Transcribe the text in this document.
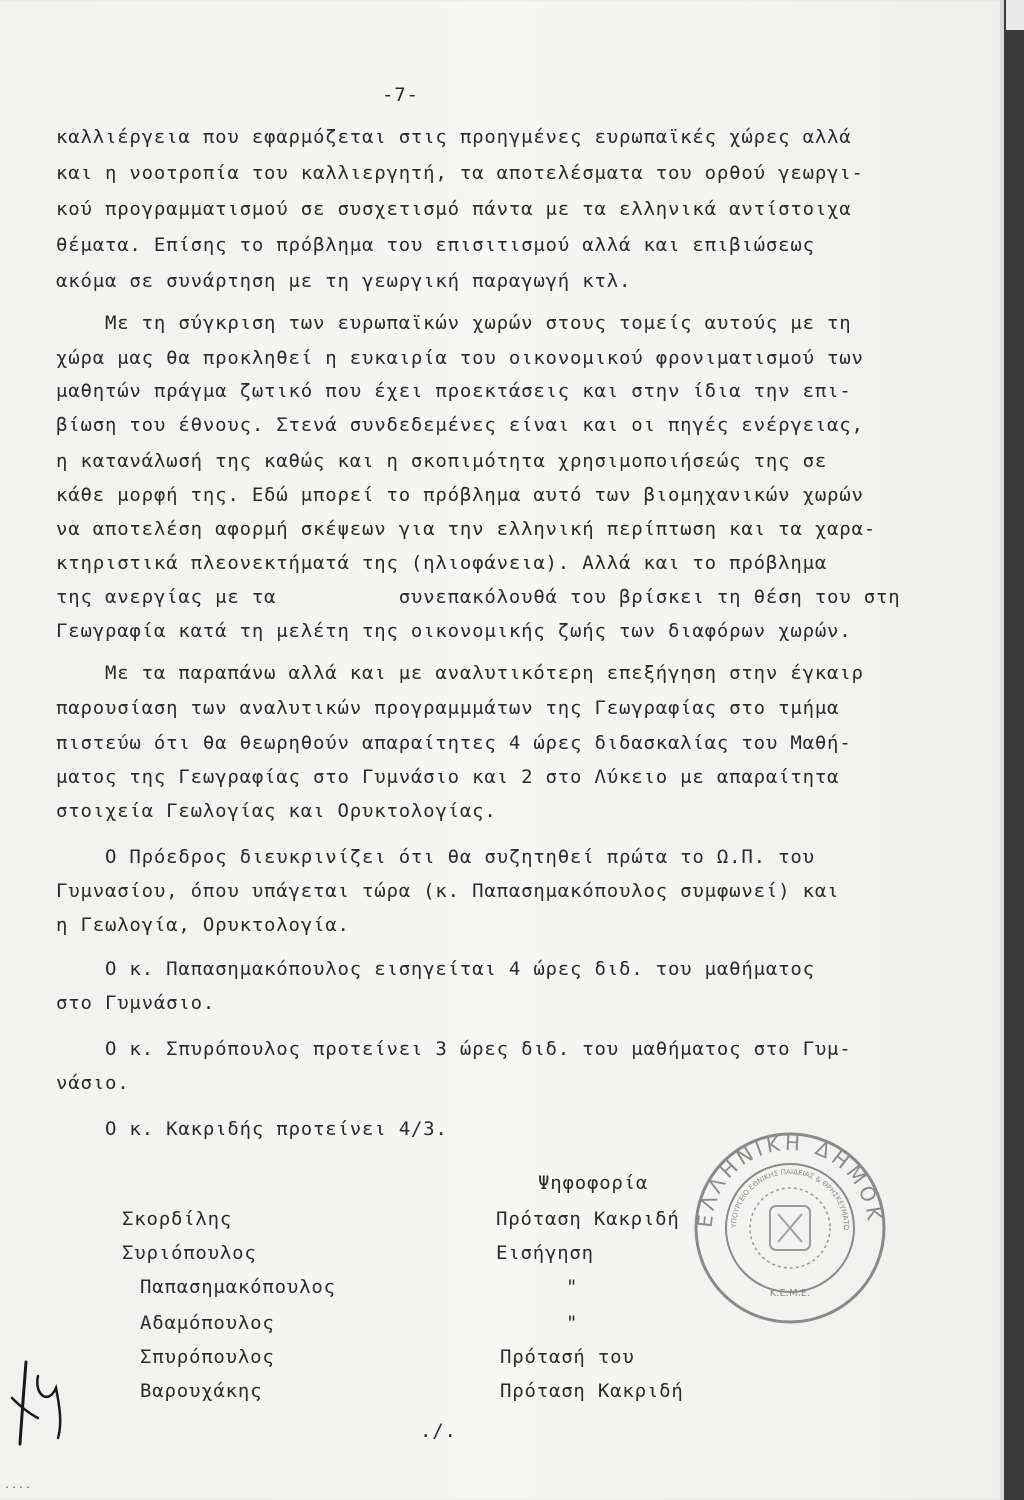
-7-
καλλιέργεια που εφαρμόζεται στις προηγμένες ευρωπαϊκές χώρες αλλά
και η νοοτροπία του καλλιεργητή, τα αποτελέσματα του ορθού γεωργι-
κού προγραμματισμού σε συσχετισμό πάντα με τα ελληνικά αντίστοιχα
θέματα. Επίσης το πρόβλημα του επισιτισμού αλλά και επιβιώσεως
ακόμα σε συνάρτηση με τη γεωργική παραγωγή κτλ.
Με τη σύγκριση των ευρωπαϊκών χωρών στους τομείς αυτούς με τη
χώρα μας θα προκληθεί η ευκαιρία του οικονομικού φρονιματισμού των
μαθητών πράγμα ζωτικό που έχει προεκτάσεις και στην ίδια την επι-
βίωση του έθνους. Στενά συνδεδεμένες είναι και οι πηγές ενέργειας,
η κατανάλωσή της καθώς και η σκοπιμότητα χρησιμοποιήσεώς της σε
κάθε μορφή της. Εδώ μπορεί το πρόβλημα αυτό των βιομηχανικών χωρών
να αποτελέση αφορμή σκέψεων για την ελληνική περίπτωση και τα χαρα-
κτηριστικά πλεονεκτήματά της (ηλιοφάνεια). Αλλά και το πρόβλημα
της ανεργίας με τα          συνεπακόλουθά του βρίσκει τη θέση του στη
Γεωγραφία κατά τη μελέτη της οικονομικής ζωής των διαφόρων χωρών.
Με τα παραπάνω αλλά και με αναλυτικότερη επεξήγηση στην έγκαιρ
παρουσίαση των αναλυτικών προγραμμμάτων της Γεωγραφίας στο τμήμα
πιστεύω ότι θα θεωρηθούν απαραίτητες 4 ώρες διδασκαλίας του Μαθή-
ματος της Γεωγραφίας στο Γυμνάσιο και 2 στο Λύκειο με απαραίτητα
στοιχεία Γεωλογίας και Ορυκτολογίας.
Ο Πρόεδρος διευκρινίζει ότι θα συζητηθεί πρώτα το Ω.Π. του
Γυμνασίου, όπου υπάγεται τώρα (κ. Παπασημακόπουλος συμφωνεί) και
η Γεωλογία, Ορυκτολογία.
Ο κ. Παπασημακόπουλος εισηγείται 4 ώρες διδ. του μαθήματος
στο Γυμνάσιο.
Ο κ. Σπυρόπουλος προτείνει 3 ώρες διδ. του μαθήματος στο Γυμ-
νάσιο.
Ο κ. Κακριδής προτείνει 4/3.
Ψηφοφορία
Σκορδίλης	Πρόταση Κακριδή
Συριόπουλος	Εισήγηση
Παπασημακόπουλος	"
Αδαμόπουλος	"
Σπυρόπουλος	Πρότασή του
Βαρουχάκης	Πρόταση Κακριδή
./.
ΕΛΛΗΝΙΚΗ ΔΗΜΟΚ
ΥΠΟΥΡΓΕΙΟ ΕΘΝΙΚΗΣ ΠΑΙΔΕΙΑΣ & ΘΡΗΣΚΕΥΜΑΤΩ
Κ.Ε.Μ.Ε.
....
